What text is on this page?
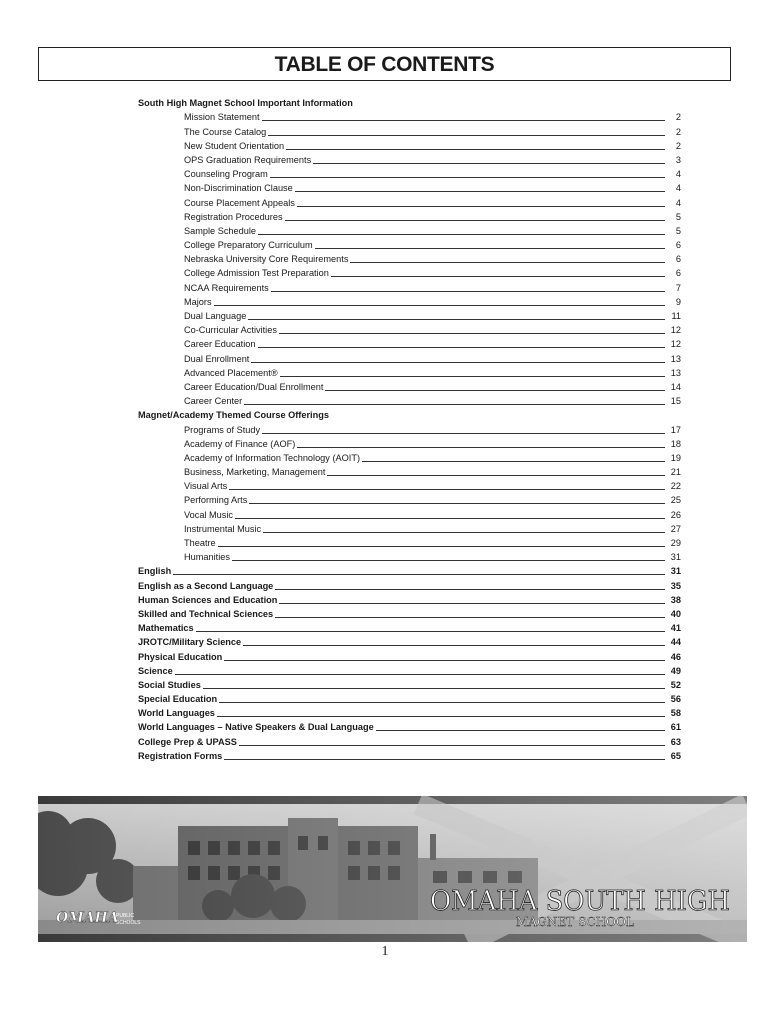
TABLE OF CONTENTS
South High Magnet School Important Information
Mission Statement	2
The Course Catalog	2
New Student Orientation	2
OPS Graduation Requirements	3
Counseling Program	4
Non-Discrimination Clause	4
Course Placement Appeals	4
Registration Procedures	5
Sample Schedule	5
College Preparatory Curriculum	6
Nebraska University Core Requirements	6
College Admission Test Preparation	6
NCAA Requirements	7
Majors	9
Dual Language	11
Co-Curricular Activities	12
Career Education	12
Dual Enrollment	13
Advanced Placement®	13
Career Education/Dual Enrollment	14
Career Center	15
Magnet/Academy Themed Course Offerings
Programs of Study	17
Academy of Finance (AOF)	18
Academy of Information Technology (AOIT)	19
Business, Marketing, Management	21
Visual Arts	22
Performing Arts	25
Vocal Music	26
Instrumental Music	27
Theatre	29
Humanities	31
English	31
English as a Second Language	35
Human Sciences and Education	38
Skilled and Technical Sciences	40
Mathematics	41
JROTC/Military Science	44
Physical Education	46
Science	49
Social Studies	52
Special Education	56
World Languages	58
World Languages – Native Speakers & Dual Language	61
College Prep & UPASS	63
Registration Forms	65
OMAHA
PUBLIC
SCHOOLS
OMAHA SOUTH HIGH
MAGNET SCHOOL
1
